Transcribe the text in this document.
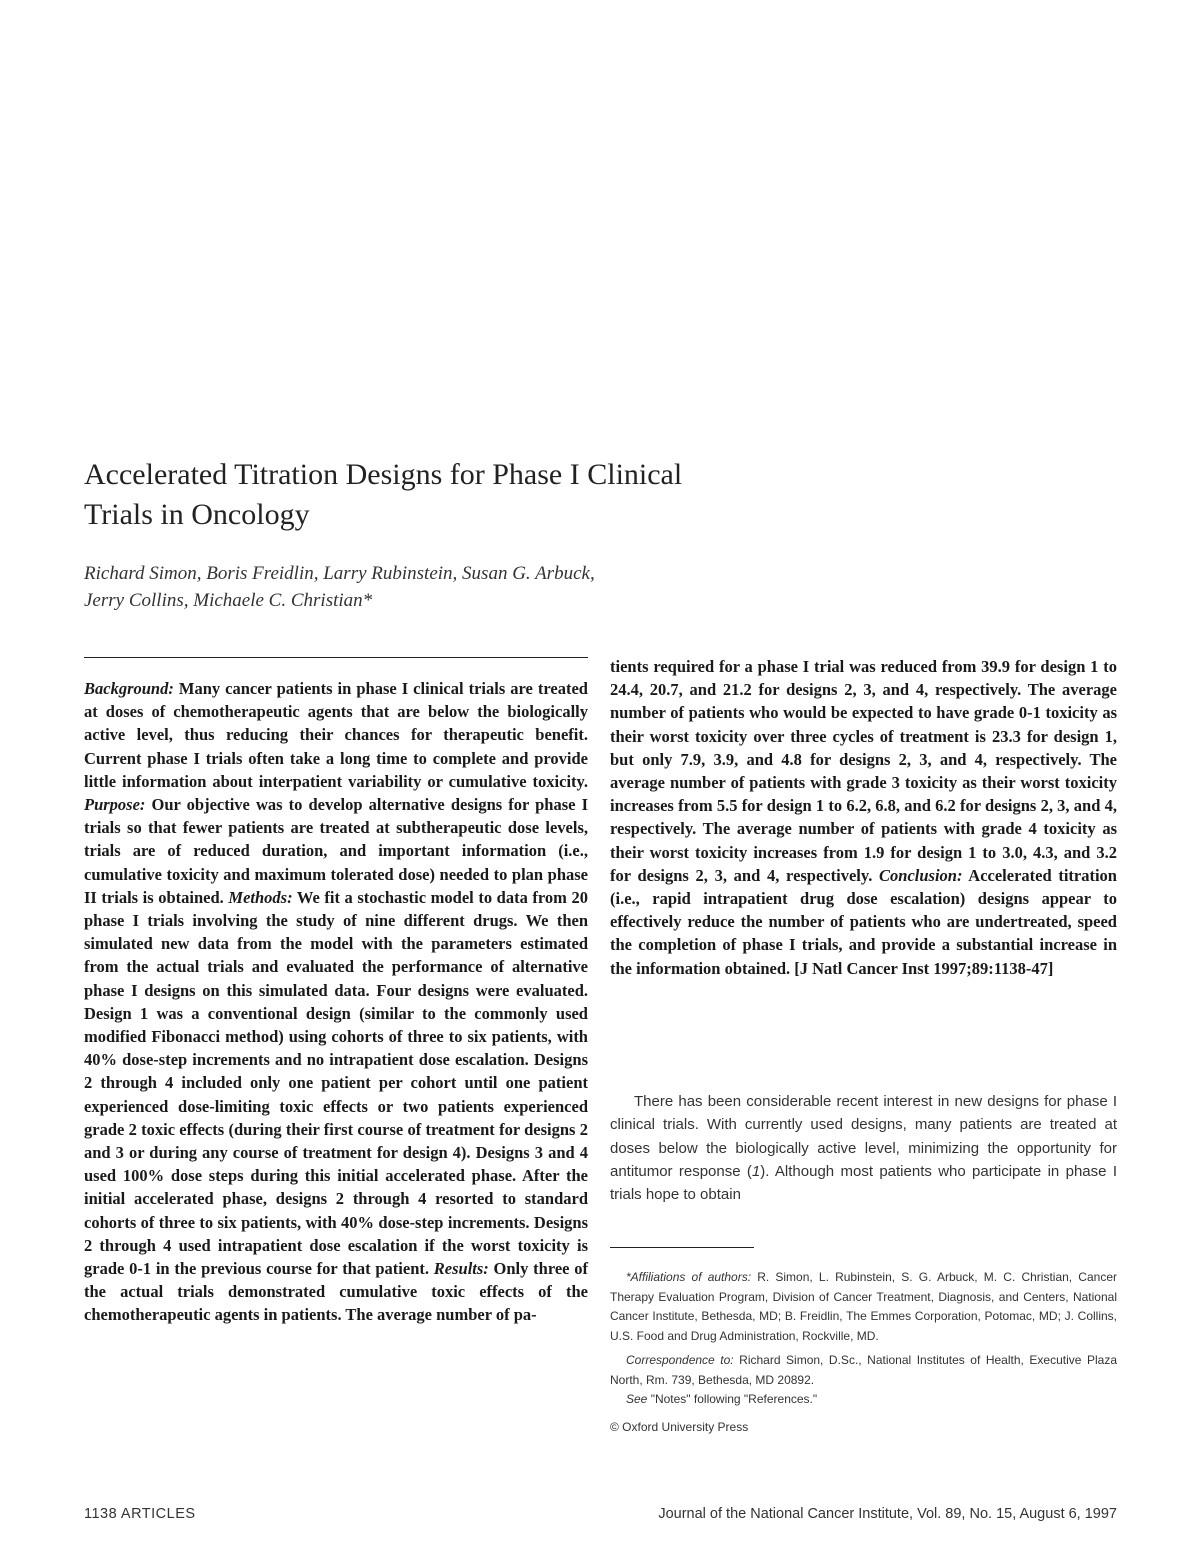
Accelerated Titration Designs for Phase I Clinical
Trials in Oncology
Richard Simon, Boris Freidlin, Larry Rubinstein, Susan G. Arbuck,
Jerry Collins, Michaele C. Christian*

Background: Many cancer patients in phase I clinical trials are treated at doses of chemotherapeutic agents that are below the biologically active level, thus reducing their chances for therapeutic benefit. Current phase I trials often take a long time to complete and provide little information about interpatient variability or cumulative toxicity. Purpose: Our objective was to develop alternative designs for phase I trials so that fewer patients are treated at subtherapeutic dose levels, trials are of reduced duration, and important information (i.e., cumulative toxicity and maximum tolerated dose) needed to plan phase II trials is obtained. Methods: We fit a stochastic model to data from 20 phase I trials involving the study of nine different drugs. We then simulated new data from the model with the parameters estimated from the actual trials and evaluated the performance of alternative phase I designs on this simulated data. Four designs were evaluated. Design 1 was a conventional design (similar to the commonly used modified Fibonacci method) using cohorts of three to six patients, with 40% dose-step increments and no intrapatient dose escalation. Designs 2 through 4 included only one patient per cohort until one patient experienced dose-limiting toxic effects or two patients experienced grade 2 toxic effects (during their first course of treatment for designs 2 and 3 or during any course of treatment for design 4). Designs 3 and 4 used 100% dose steps during this initial accelerated phase. After the initial accelerated phase, designs 2 through 4 resorted to standard cohorts of three to six patients, with 40% dose-step increments. Designs 2 through 4 used intrapatient dose escalation if the worst toxicity is grade 0-1 in the previous course for that patient. Results: Only three of the actual trials demonstrated cumulative toxic effects of the chemotherapeutic agents in patients. The average number of pa-

tients required for a phase I trial was reduced from 39.9 for design 1 to 24.4, 20.7, and 21.2 for designs 2, 3, and 4, respectively. The average number of patients who would be expected to have grade 0-1 toxicity as their worst toxicity over three cycles of treatment is 23.3 for design 1, but only 7.9, 3.9, and 4.8 for designs 2, 3, and 4, respectively. The average number of patients with grade 3 toxicity as their worst toxicity increases from 5.5 for design 1 to 6.2, 6.8, and 6.2 for designs 2, 3, and 4, respectively. The average number of patients with grade 4 toxicity as their worst toxicity increases from 1.9 for design 1 to 3.0, 4.3, and 3.2 for designs 2, 3, and 4, respectively. Conclusion: Accelerated titration (i.e., rapid intrapatient drug dose escalation) designs appear to effectively reduce the number of patients who are undertreated, speed the completion of phase I trials, and provide a substantial increase in the information obtained. [J Natl Cancer Inst 1997;89:1138-47]

There has been considerable recent interest in new designs for phase I clinical trials. With currently used designs, many patients are treated at doses below the biologically active level, minimizing the opportunity for antitumor response (1). Although most patients who participate in phase I trials hope to obtain

*Affiliations of authors: R. Simon, L. Rubinstein, S. G. Arbuck, M. C. Christian, Cancer Therapy Evaluation Program, Division of Cancer Treatment, Diagnosis, and Centers, National Cancer Institute, Bethesda, MD; B. Freidlin, The Emmes Corporation, Potomac, MD; J. Collins, U.S. Food and Drug Administration, Rockville, MD.

Correspondence to: Richard Simon, D.Sc., National Institutes of Health, Executive Plaza North, Rm. 739, Bethesda, MD 20892.

See "Notes" following "References."

© Oxford University Press

1138 ARTICLES	Journal of the National Cancer Institute, Vol. 89, No. 15, August 6, 1997
